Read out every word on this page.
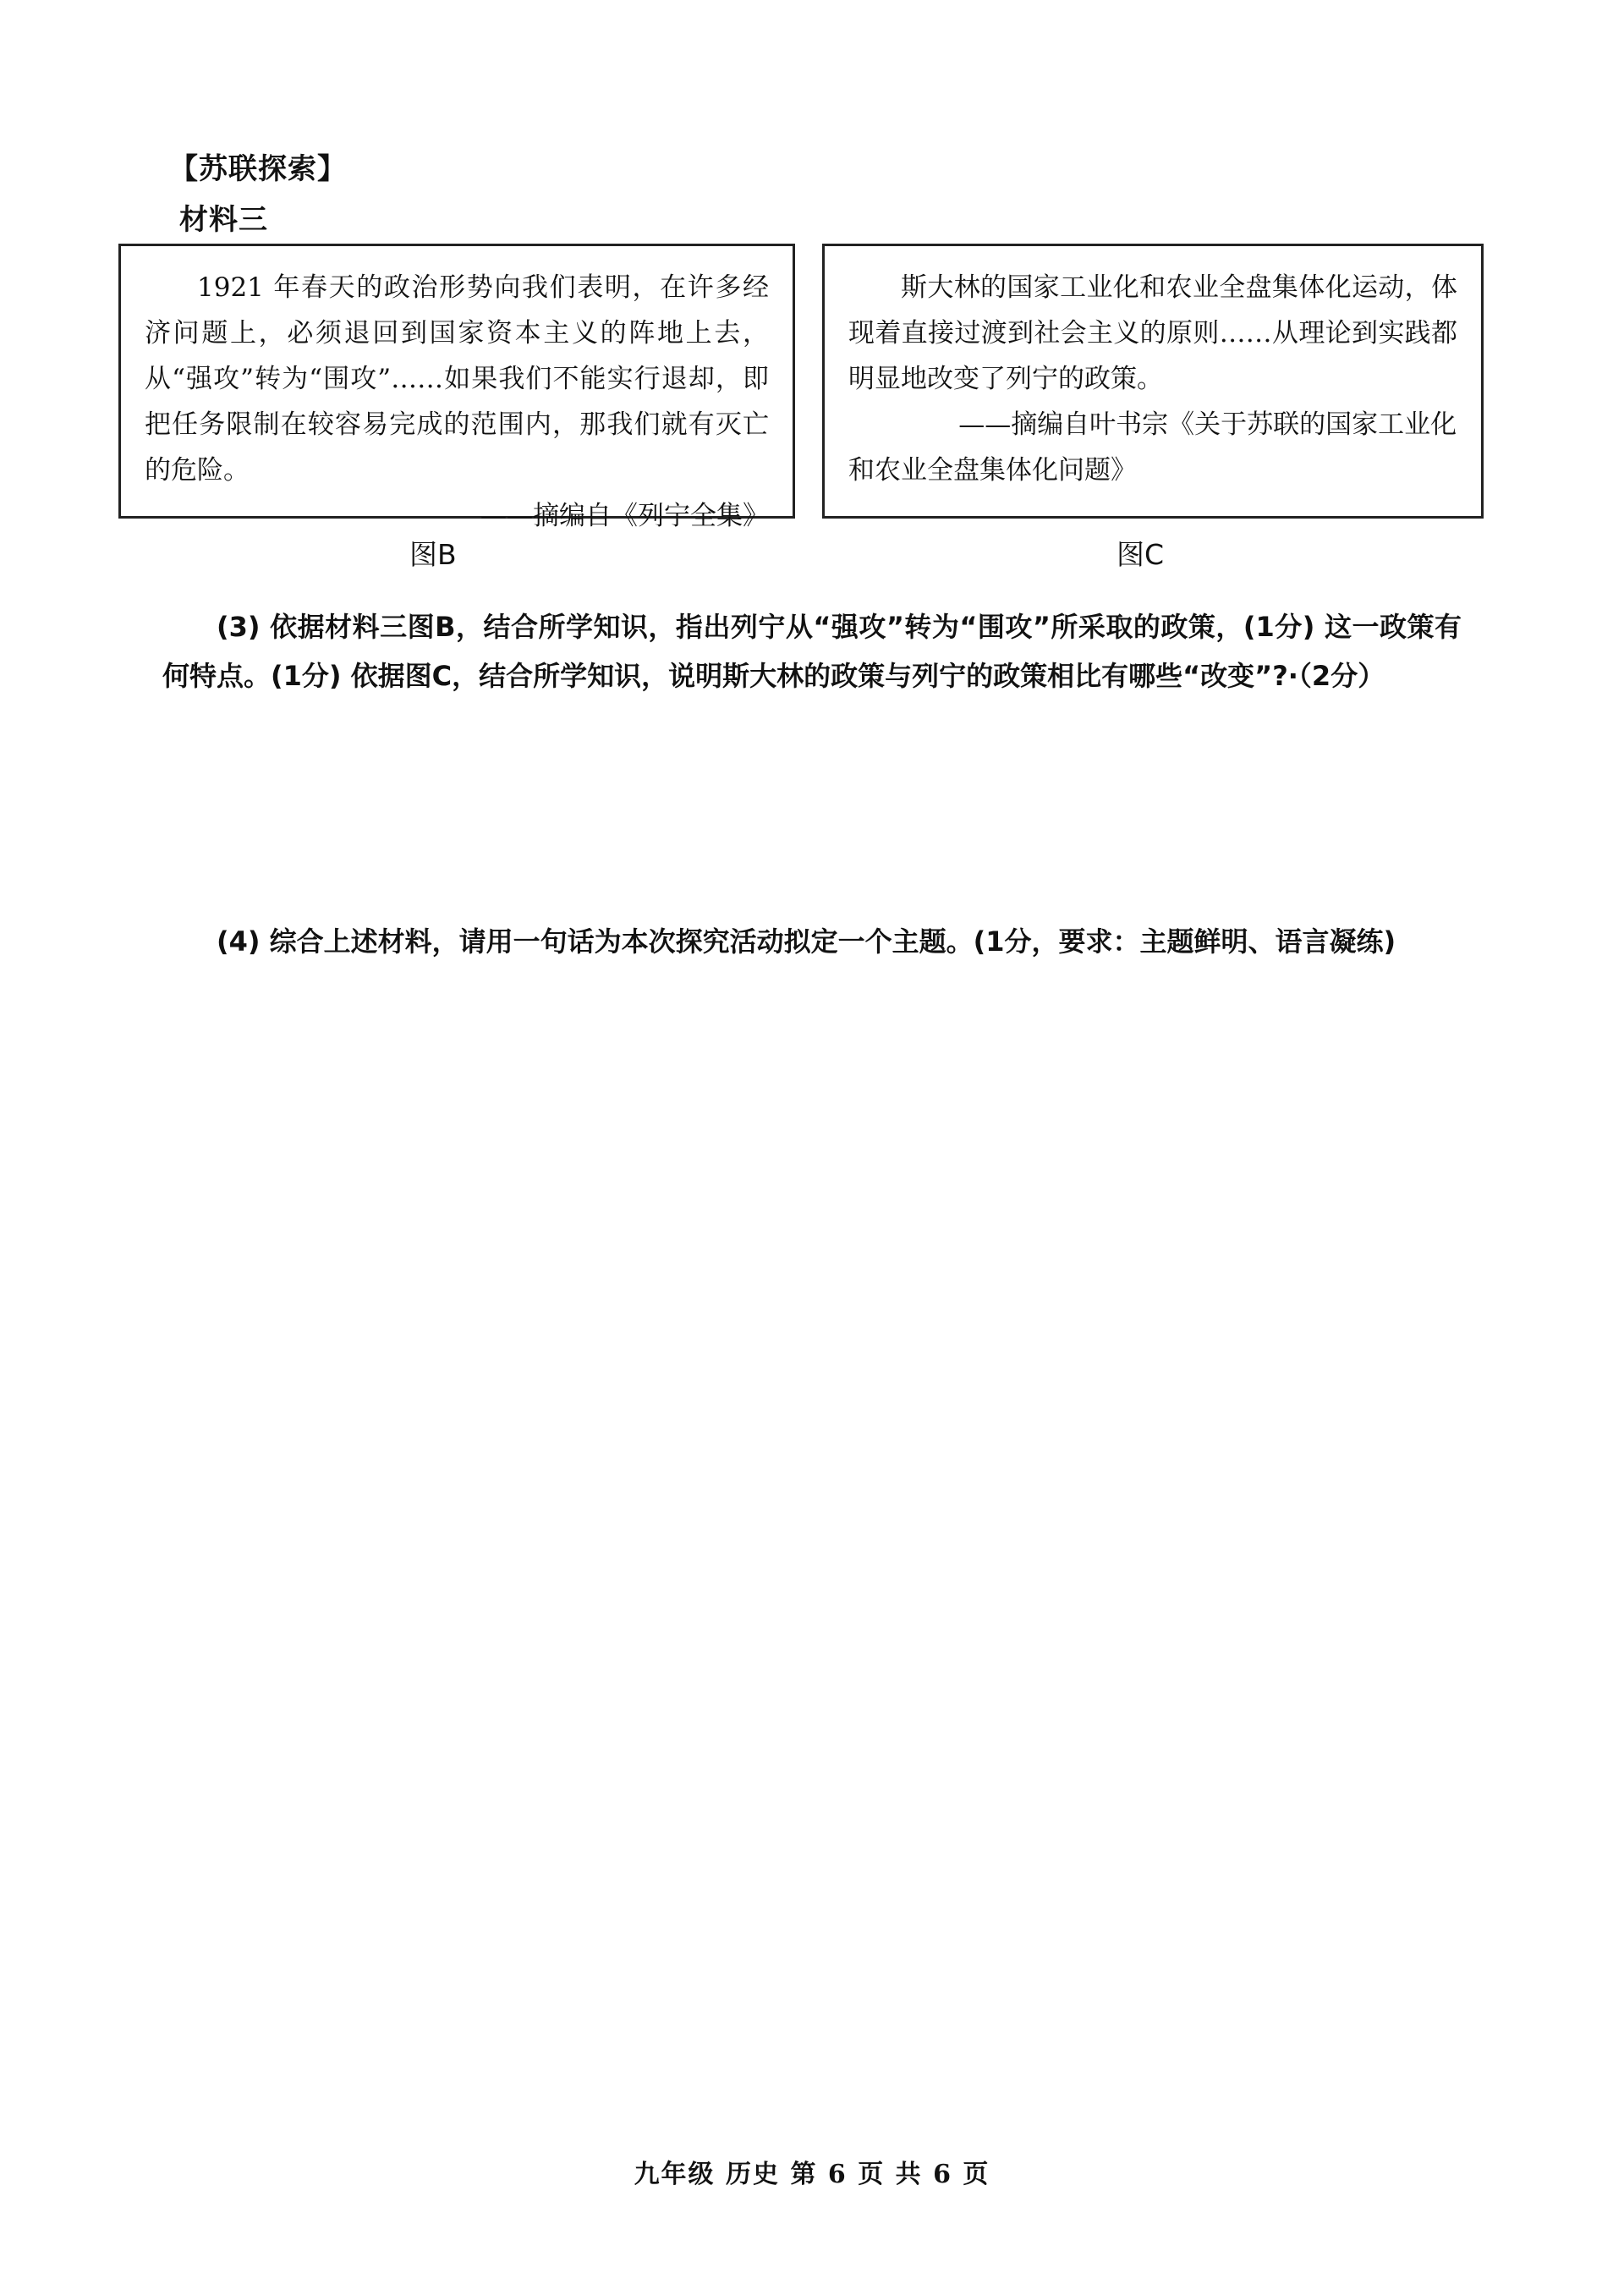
【苏联探索】
材料三

1921 年春天的政治形势向我们表明，在许多经济问题上，必须退回到国家资本主义的阵地上去，从“强攻”转为“围攻”……如果我们不能实行退却，即把任务限制在较容易完成的范围内，那我们就有灭亡的危险。

——摘编自《列宁全集》

斯大林的国家工业化和农业全盘集体化运动，体现着直接过渡到社会主义的原则……从理论到实践都明显地改变了列宁的政策。

——摘编自叶书宗《关于苏联的国家工业化和农业全盘集体化问题》

图B	图C

(3) 依据材料三图B，结合所学知识，指出列宁从“强攻”转为“围攻”所采取的政策，(1分) 这一政策有何特点。(1分) 依据图C，结合所学知识，说明斯大林的政策与列宁的政策相比有哪些“改变”?·（2分）

(4) 综合上述材料，请用一句话为本次探究活动拟定一个主题。(1分，要求：主题鲜明、语言凝练)

九年级 历史 第 6 页 共 6 页
